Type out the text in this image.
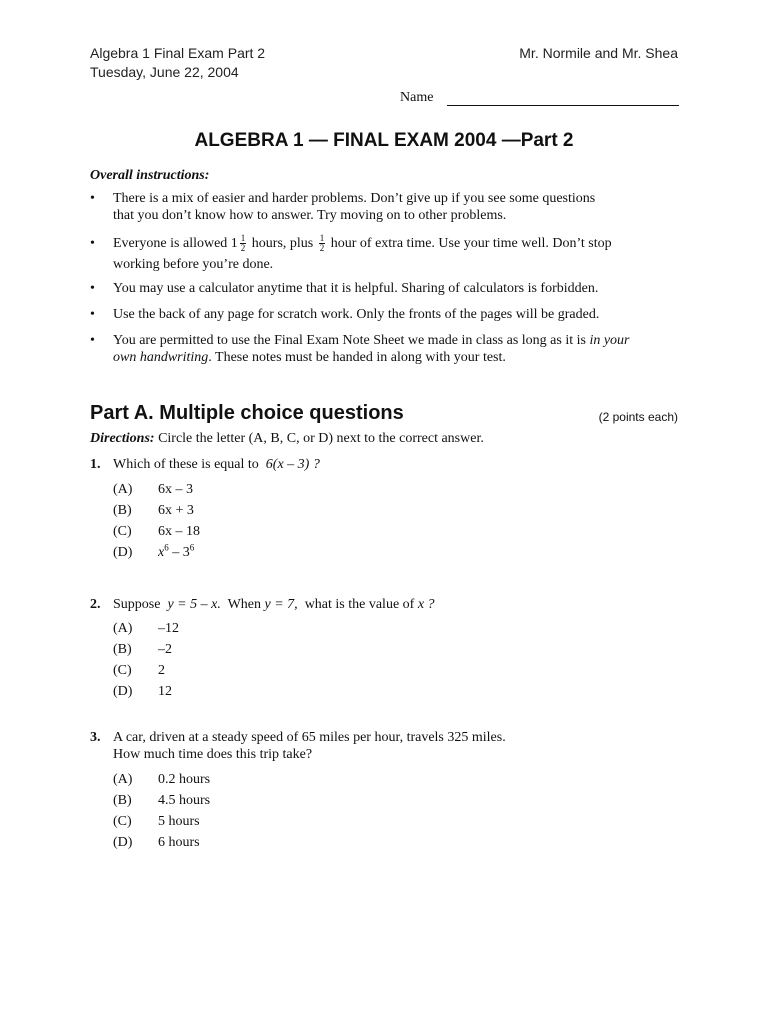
Algebra 1 Final Exam Part 2
Tuesday, June 22, 2004
Mr. Normile and Mr. Shea
Name
ALGEBRA 1 — FINAL EXAM 2004 —Part 2
Overall instructions:
• There is a mix of easier and harder problems. Don’t give up if you see some questions
that you don’t know how to answer. Try moving on to other problems.
• Everyone is allowed $1 \frac{1}{2}$ hours, plus $\frac{1}{2}$ hour of extra time. Use your time well. Don’t stop
working before you’re done.
• You may use a calculator anytime that it is helpful. Sharing of calculators is forbidden.
• Use the back of any page for scratch work. Only the fronts of the pages will be graded.
• You are permitted to use the Final Exam Note Sheet we made in class as long as it is in your
own handwriting. These notes must be handed in along with your test.
Part A. Multiple choice questions	(2 points each)
Directions: Circle the letter (A, B, C, or D) next to the correct answer.
1. Which of these is equal to 6(x – 3) ?
(A) 6x – 3
(B) 6x + 3
(C) 6x – 18
(D) $x^6 - 3^6$
2. Suppose y = 5 – x. When y = 7, what is the value of x ?
(A) –12
(B) –2
(C) 2
(D) 12
3. A car, driven at a steady speed of 65 miles per hour, travels 325 miles.
How much time does this trip take?
(A) 0.2 hours
(B) 4.5 hours
(C) 5 hours
(D) 6 hours
